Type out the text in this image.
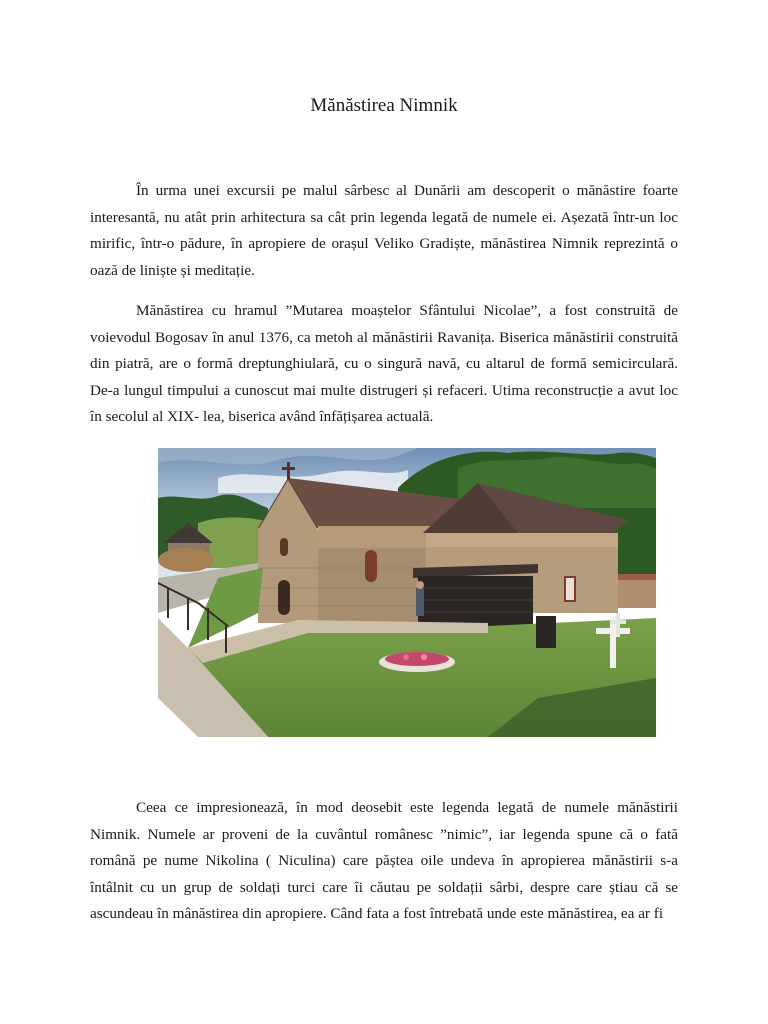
Mănăstirea Nimnik

În urma unei excursii pe malul sârbesc al Dunării am descoperit o mănăstire foarte interesantă, nu atât prin arhitectura sa cât prin legenda legată de numele ei. Așezată într-un loc mirific, într-o pădure, în apropiere de orașul Veliko Gradiște, mănăstirea Nimnik reprezintă o oază de liniște și meditație.

Mănăstirea cu hramul ”Mutarea moaștelor Sfântului Nicolae”, a fost construită de voievodul Bogosav în anul 1376, ca metoh al mănăstirii Ravanița. Biserica mănăstirii construită din piatră, are o formă dreptunghiulară, cu o singură navă, cu altarul de formă semicirculară. De-a lungul timpului a cunoscut mai multe distrugeri și refaceri. Utima reconstrucție a avut loc în secolul al XIX- lea, biserica având înfățișarea actuală.

Ceea ce impresionează, în mod deosebit este legenda legată de numele mănăstirii Nimnik. Numele ar proveni de la cuvântul românesc ”nimic”, iar legenda spune că o fată română pe nume Nikolina ( Niculina) care păștea oile undeva în apropierea mănăstirii s-a întâlnit cu un grup de soldați turci care îi căutau pe soldații sârbi, despre care știau că se ascundeau în mânăstirea din apropiere. Când fata a fost întrebată unde este mănăstirea, ea ar fi
